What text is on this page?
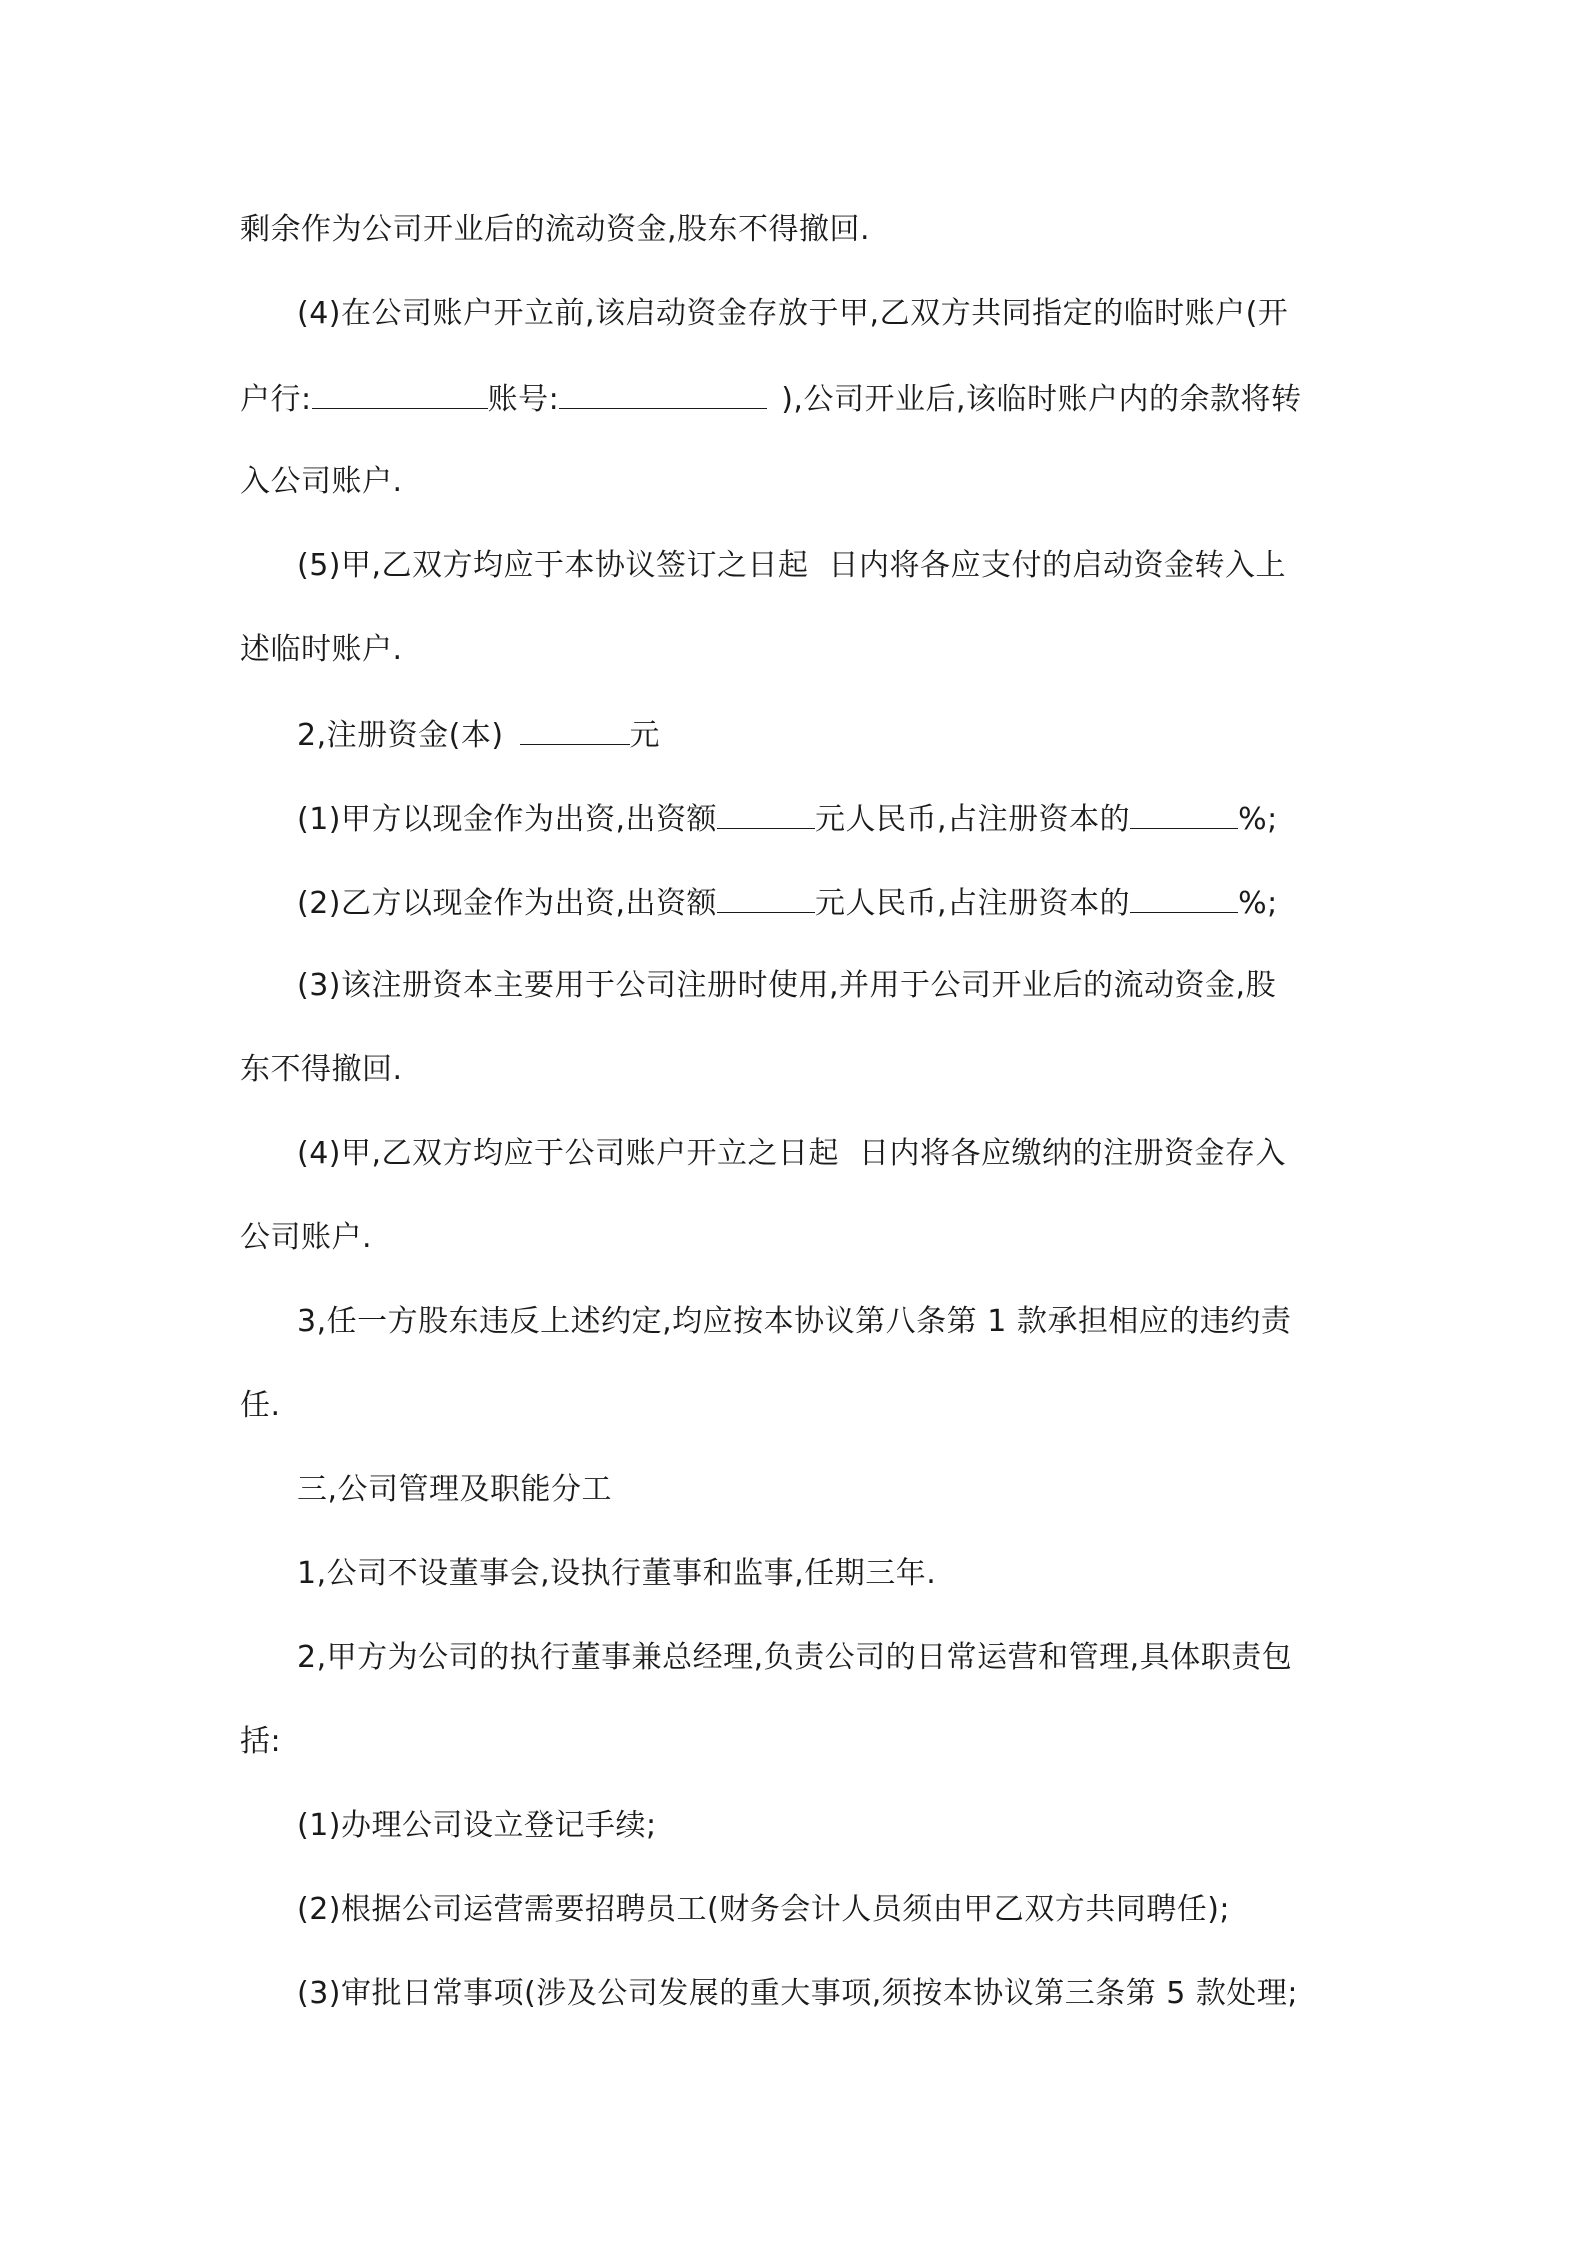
剩余作为公司开业后的流动资金,股东不得撤回.
(4)在公司账户开立前,该启动资金存放于甲,乙双方共同指定的临时账户(开
户行:	账号:	),公司开业后,该临时账户内的余款将转
入公司账户.
(5)甲,乙双方均应于本协议签订之日起 日内将各应支付的启动资金转入上
述临时账户.
2,注册资金(本)	元
(1)甲方以现金作为出资,出资额	元人民币,占注册资本的	%;
(2)乙方以现金作为出资,出资额	元人民币,占注册资本的	%;
(3)该注册资本主要用于公司注册时使用,并用于公司开业后的流动资金,股
东不得撤回.
(4)甲,乙双方均应于公司账户开立之日起 日内将各应缴纳的注册资金存入
公司账户.
3,任一方股东违反上述约定,均应按本协议第八条第 1 款承担相应的违约责
任.
三,公司管理及职能分工
1,公司不设董事会,设执行董事和监事,任期三年.
2,甲方为公司的执行董事兼总经理,负责公司的日常运营和管理,具体职责包
括:
(1)办理公司设立登记手续;
(2)根据公司运营需要招聘员工(财务会计人员须由甲乙双方共同聘任);
(3)审批日常事项(涉及公司发展的重大事项,须按本协议第三条第 5 款处理;
